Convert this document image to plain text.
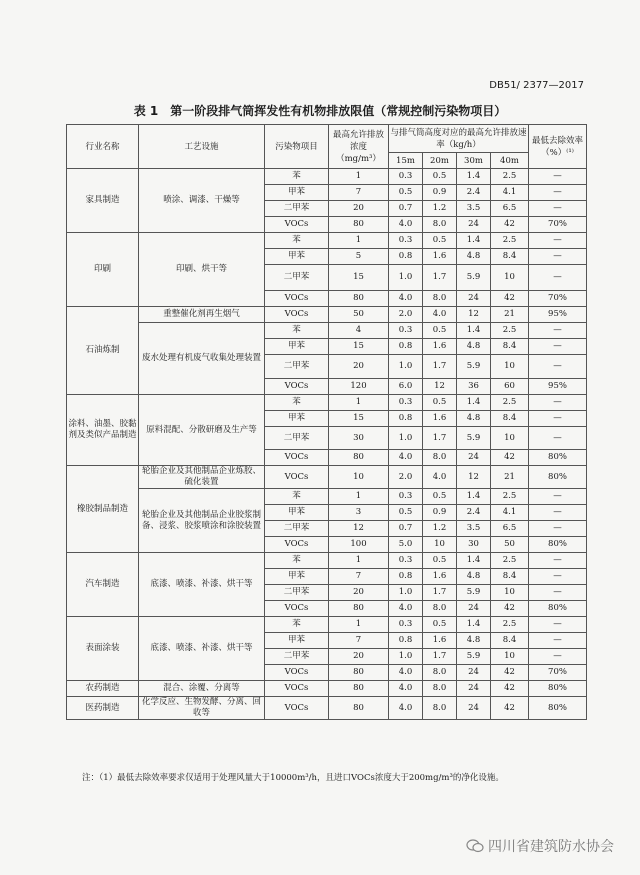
DB51/ 2377—2017
表 1　第一阶段排气筒挥发性有机物排放限值（常规控制污染物项目）
行业名称	工艺设施	污染物项目	最高允许排放浓度（mg/m³）	与排气筒高度对应的最高允许排放速率（kg/h）				最低去除效率（%）⁽¹⁾
				15m	20m	30m	40m	
家具制造	喷涂、调漆、干燥等	苯	1	0.3	0.5	1.4	2.5	—
		甲苯	7	0.5	0.9	2.4	4.1	—
		二甲苯	20	0.7	1.2	3.5	6.5	—
		VOCs	80	4.0	8.0	24	42	70%
印刷	印刷、烘干等	苯	1	0.3	0.5	1.4	2.5	—
		甲苯	5	0.8	1.6	4.8	8.4	—
		二甲苯	15	1.0	1.7	5.9	10	—
		VOCs	80	4.0	8.0	24	42	70%
石油炼制	重整催化剂再生烟气	VOCs	50	2.0	4.0	12	21	95%
	废水处理有机废气收集处理装置	苯	4	0.3	0.5	1.4	2.5	—
		甲苯	15	0.8	1.6	4.8	8.4	—
		二甲苯	20	1.0	1.7	5.9	10	—
		VOCs	120	6.0	12	36	60	95%
涂料、油墨、胶黏剂及类似产品制造	原料混配、分散研磨及生产等	苯	1	0.3	0.5	1.4	2.5	—
		甲苯	15	0.8	1.6	4.8	8.4	—
		二甲苯	30	1.0	1.7	5.9	10	—
		VOCs	80	4.0	8.0	24	42	80%
橡胶制品制造	轮胎企业及其他制品企业炼胶、硫化装置	VOCs	10	2.0	4.0	12	21	80%
	轮胎企业及其他制品企业胶浆制备、浸浆、胶浆喷涂和涂胶装置	苯	1	0.3	0.5	1.4	2.5	—
		甲苯	3	0.5	0.9	2.4	4.1	—
		二甲苯	12	0.7	1.2	3.5	6.5	—
		VOCs	100	5.0	10	30	50	80%
汽车制造	底漆、喷漆、补漆、烘干等	苯	1	0.3	0.5	1.4	2.5	—
		甲苯	7	0.8	1.6	4.8	8.4	—
		二甲苯	20	1.0	1.7	5.9	10	—
		VOCs	80	4.0	8.0	24	42	80%
表面涂装	底漆、喷漆、补漆、烘干等	苯	1	0.3	0.5	1.4	2.5	—
		甲苯	7	0.8	1.6	4.8	8.4	—
		二甲苯	20	1.0	1.7	5.9	10	—
		VOCs	80	4.0	8.0	24	42	70%
农药制造	混合、涂覆、分离等	VOCs	80	4.0	8.0	24	42	80%
医药制造	化学反应、生物发酵、分离、回收等	VOCs	80	4.0	8.0	24	42	80%
注：（1）最低去除效率要求仅适用于处理风量大于10000m³/h，且进口VOCs浓度大于200mg/m³的净化设施。
四川省建筑防水协会
